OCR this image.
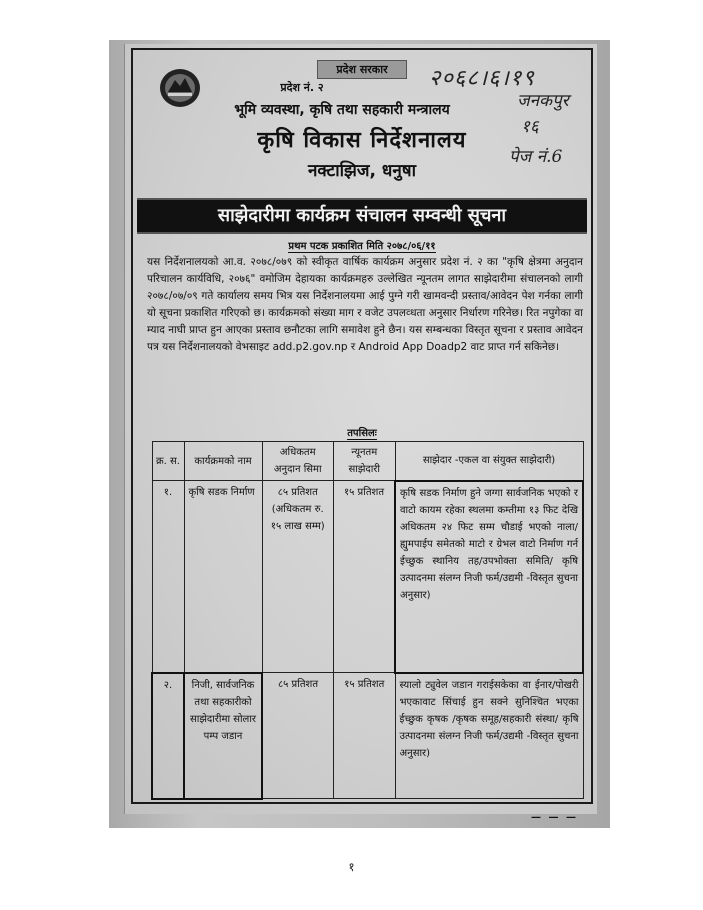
प्रदेश सरकार
प्रदेश नं. २
भूमि व्यवस्था, कृषि तथा सहकारी मन्त्रालय
कृषि विकास निर्देशनालय
नक्टाझिज, धनुषा
२०६८।६।१९
जनकपुर
१६
पेज नं.6
साझेदारीमा कार्यक्रम संचालन सम्वन्धी सूचना
प्रथम पटक प्रकाशित मिति २०७८/०६/११
यस निर्देशनालयको आ.व. २०७८/०७९ को स्वीकृत वार्षिक कार्यक्रम अनुसार प्रदेश नं. २ का "कृषि क्षेत्रमा अनुदान परिचालन कार्यविधि, २०७६" वमोजिम देहायका कार्यक्रमहरु उल्लेखित न्यूनतम लागत साझेदारीमा संचालनको लागी २०७८/०७/०९ गते कार्यालय समय भित्र यस निर्देशनालयमा आई पुग्ने गरी खामवन्दी प्रस्ताव/आवेदन पेश गर्नका लागी यो सूचना प्रकाशित गरिएको छ। कार्यक्रमको संख्या माग र वजेट उपलव्धता अनुसार निर्धारण गरिनेछ। रित नपुगेका वा म्याद नाघी प्राप्त हुन आएका प्रस्ताव छनौटका लागि समावेश हुने छैन। यस सम्बन्धका विस्तृत सूचना र प्रस्ताव आवेदन पत्र यस निर्देशनालयको वेभसाइट add.p2.gov.np र Android App Doadp2 वाट प्राप्त गर्न सकिनेछ।
तपसिलः
क्र. स.	कार्यक्रमको नाम	अधिकतम अनुदान सिमा	न्यूनतम साझेदारी	साझेदार -एकल वा संयुक्त साझेदारी)
१.	कृषि सडक निर्माण	८५ प्रतिशत (अधिकतम रु. १५ लाख सम्म)	१५ प्रतिशत	कृषि सडक निर्माण हुने जग्गा सार्वजनिक भएको र वाटो कायम रहेका स्थलमा कम्तीमा १३ फिट देखि अधिकतम २४ फिट सम्म चौडाई भएको नाला/ह्युमपाईप समेतको माटो र ग्रेभल वाटो निर्माण गर्न ईच्छुक स्थानिय तह/उपभोक्ता समिति/ कृषि उत्पादनमा संलग्न निजी फर्म/उद्यमी -विस्तृत सुचना अनुसार)
२.	निजी, सार्वजनिक तथा सहकारीको साझेदारीमा सोलार पम्प जडान	८५ प्रतिशत	१५ प्रतिशत	स्यालो ट्युवेल जडान गराईसकेका वा ईनार/पोखरी भएकावाट सिंचाई हुन सक्ने सुनिश्चित भएका ईच्छुक कृषक /कृषक समूह/सहकारी संस्था/ कृषि उत्पादनमा संलग्न निजी फर्म/उद्यमी -विस्तृत सुचना अनुसार)
— — —
१
